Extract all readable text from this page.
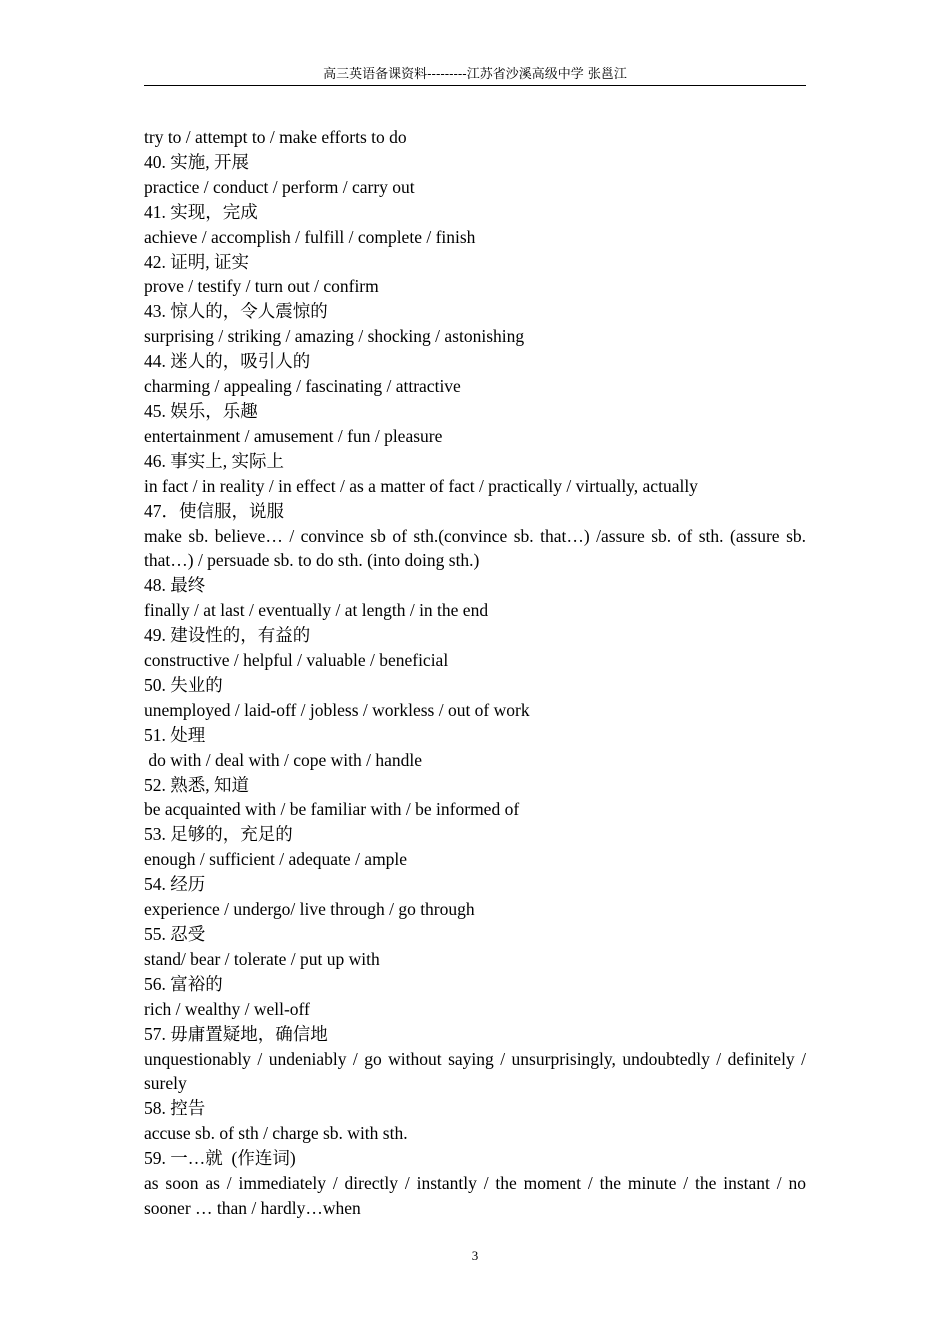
高三英语备课资料---------江苏省沙溪高级中学 张邕江
try to / attempt to / make efforts to do
40. 实施, 开展
practice / conduct / perform / carry out
41. 实现，完成
achieve / accomplish / fulfill / complete / finish
42. 证明, 证实
prove / testify / turn out / confirm
43. 惊人的，令人震惊的
surprising / striking / amazing / shocking / astonishing
44. 迷人的，吸引人的
charming / appealing / fascinating / attractive
45. 娱乐，乐趣
entertainment / amusement / fun / pleasure
46. 事实上, 实际上
in fact / in reality / in effect / as a matter of fact / practically / virtually, actually
47．使信服，说服
make sb. believe… / convince sb of sth.(convince sb. that…) /assure sb. of sth. (assure sb. that…) / persuade sb. to do sth. (into doing sth.)
48. 最终
finally / at last / eventually / at length / in the end
49. 建设性的，有益的
constructive / helpful / valuable / beneficial
50. 失业的
unemployed / laid-off / jobless / workless / out of work
51. 处理
do with / deal with / cope with / handle
52. 熟悉, 知道
be acquainted with / be familiar with / be informed of
53. 足够的，充足的
enough / sufficient / adequate / ample
54. 经历
experience / undergo/ live through / go through
55. 忍受
stand/ bear / tolerate / put up with
56. 富裕的
rich / wealthy / well-off
57. 毋庸置疑地，确信地
unquestionably / undeniably / go without saying / unsurprisingly, undoubtedly / definitely / surely
58. 控告
accuse sb. of sth / charge sb. with sth.
59. 一…就  (作连词)
as soon as / immediately / directly / instantly / the moment / the minute / the instant / no sooner … than / hardly…when
3
